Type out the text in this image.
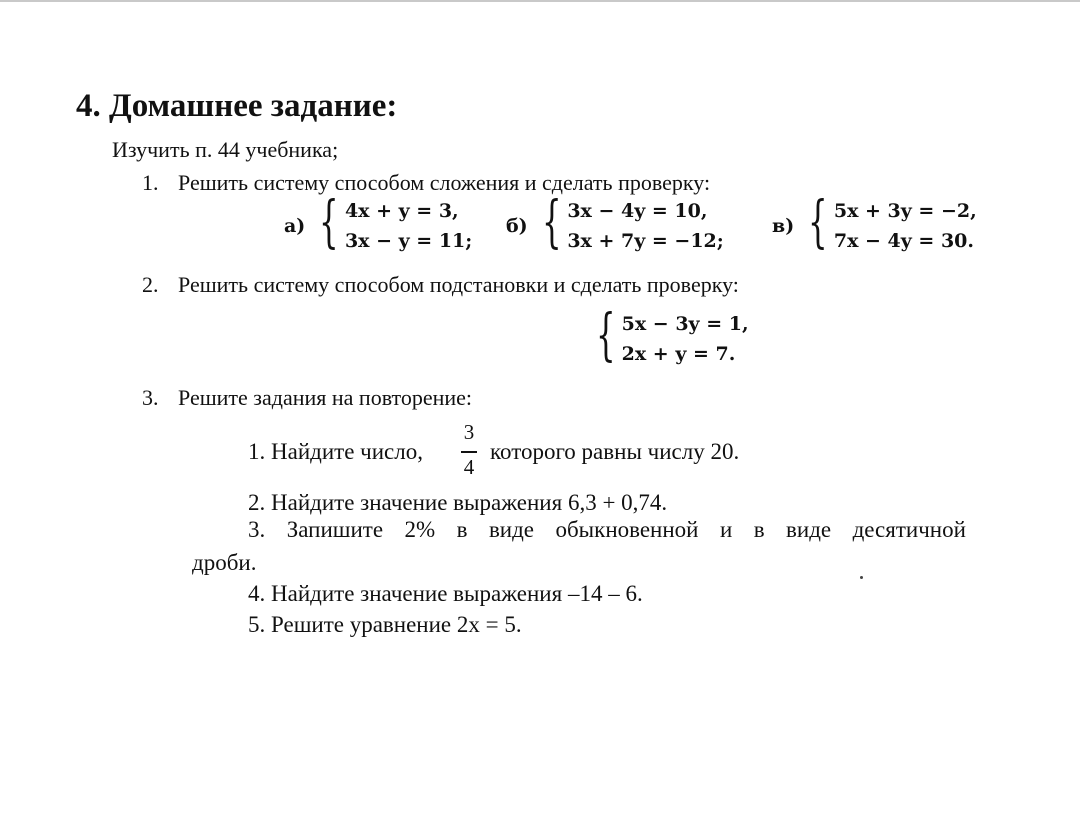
4. Домашнее задание:
Изучить п. 44 учебника;
1. Решить систему способом сложения и сделать проверку:
а) { 4x + y = 3,
3x − y = 11;
б) { 3x − 4y = 10,
3x + 7y = −12;
в) { 5x + 3y = −2,
7x − 4y = 30.
2. Решить систему способом подстановки и сделать проверку:
{ 5x − 3y = 1,
2x + y = 7.
3. Решите задания на повторение:
1. Найдите число,
3
4
которого равны числу 20.
2. Найдите значение выражения 6,3 + 0,74.
3. Запишите 2% в виде обыкновенной и в виде десятичной
дроби.
4. Найдите значение выражения –14 – 6.
5. Решите уравнение 2x = 5.
